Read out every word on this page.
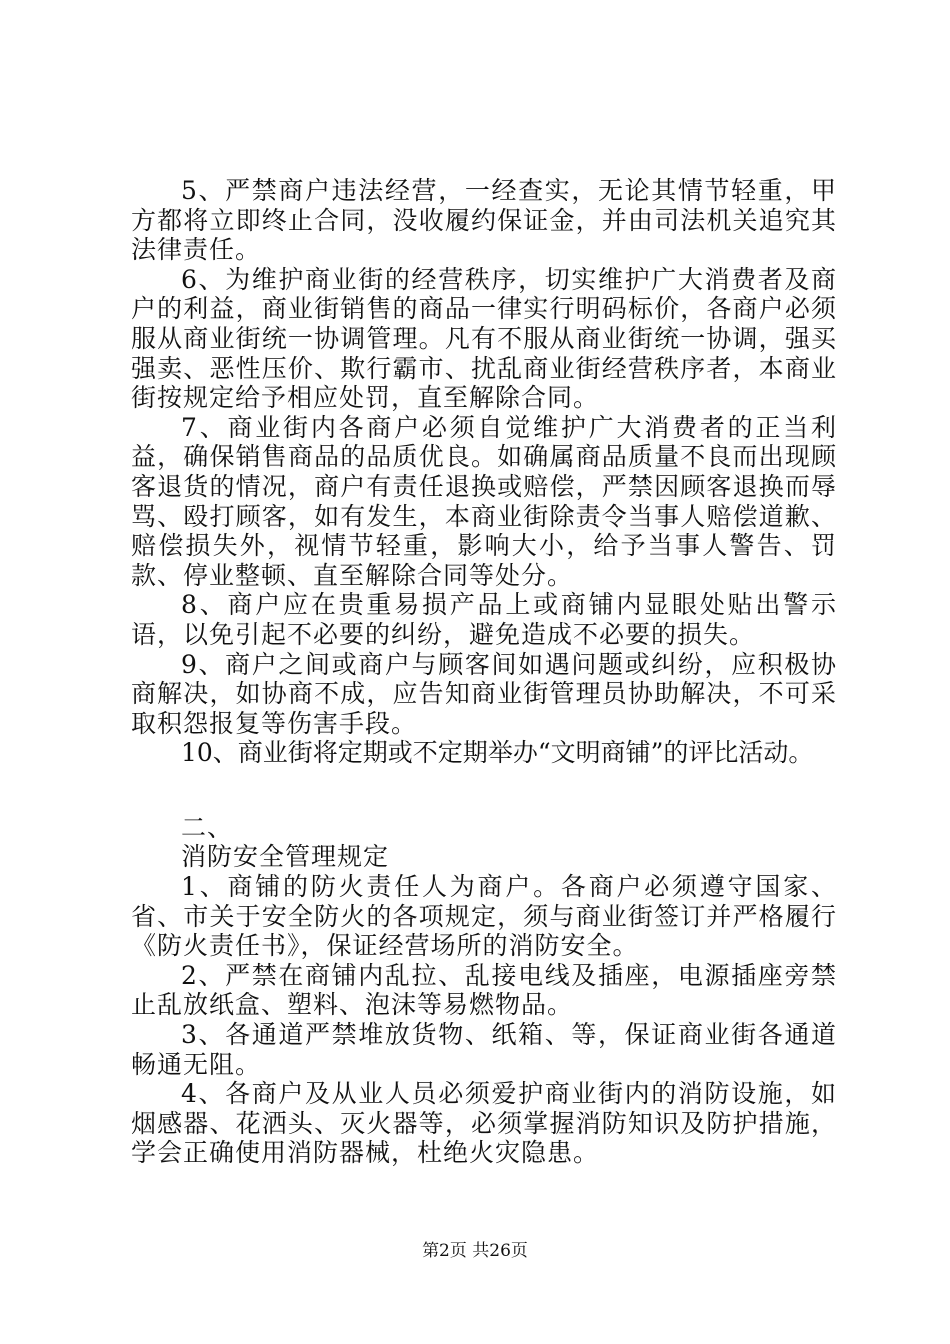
5、严禁商户违法经营，一经查实，无论其情节轻重，甲方都将立即终止合同，没收履约保证金，并由司法机关追究其法律责任。

6、为维护商业街的经营秩序，切实维护广大消费者及商户的利益，商业街销售的商品一律实行明码标价，各商户必须服从商业街统一协调管理。凡有不服从商业街统一协调，强买强卖、恶性压价、欺行霸市、扰乱商业街经营秩序者，本商业街按规定给予相应处罚，直至解除合同。

7、商业街内各商户必须自觉维护广大消费者的正当利益，确保销售商品的品质优良。如确属商品质量不良而出现顾客退货的情况，商户有责任退换或赔偿，严禁因顾客退换而辱骂、殴打顾客，如有发生，本商业街除责令当事人赔偿道歉、赔偿损失外，视情节轻重，影响大小，给予当事人警告、罚款、停业整顿、直至解除合同等处分。

8、商户应在贵重易损产品上或商铺内显眼处贴出警示语，以免引起不必要的纠纷，避免造成不必要的损失。

9、商户之间或商户与顾客间如遇问题或纠纷，应积极协商解决，如协商不成，应告知商业街管理员协助解决，不可采取积怨报复等伤害手段。

10、商业街将定期或不定期举办“文明商铺”的评比活动。

二、

消防安全管理规定

1、商铺的防火责任人为商户。各商户必须遵守国家、省、市关于安全防火的各项规定，须与商业街签订并严格履行《防火责任书》，保证经营场所的消防安全。

2、严禁在商铺内乱拉、乱接电线及插座，电源插座旁禁止乱放纸盒、塑料、泡沫等易燃物品。

3、各通道严禁堆放货物、纸箱、等，保证商业街各通道畅通无阻。

4、各商户及从业人员必须爱护商业街内的消防设施，如烟感器、花洒头、灭火器等，必须掌握消防知识及防护措施，学会正确使用消防器械，杜绝火灾隐患。

第2页 共26页
